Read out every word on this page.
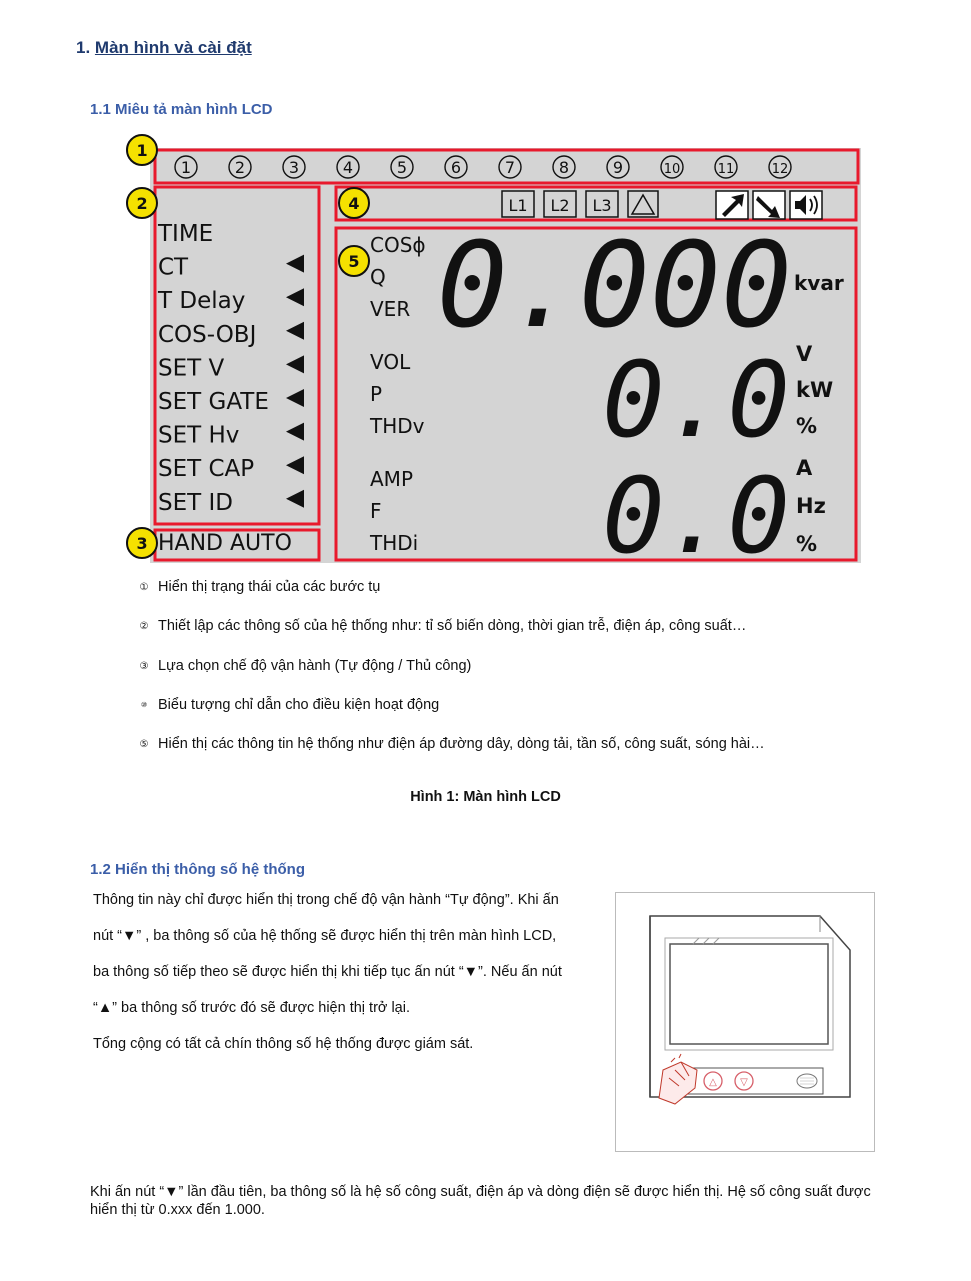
1. Màn hình và cài đặt
1.1 Miêu tả màn hình LCD
1	2	3	4	5	6	7	8	9	10	11	12
TIME
CT
T Delay
COS-OBJ
SET V
SET GATE
SET Hv
SET CAP
SET ID
HAND AUTO
L1 L2 L3
COSϕ
Q
VER 0.000 kvar
VOL
P
THDv 0.0 V
kW
%
AMP
F
THDi 0.0 A
Hz
%
1
2
3
4
5
① Hiển thị trạng thái của các bước tụ
② Thiết lập các thông số của hệ thống như: tỉ số biến dòng, thời gian trễ, điện áp, công suất…
③ Lựa chọn chế độ vận hành (Tự động / Thủ công)
⑩ Biểu tượng chỉ dẫn cho điều kiện hoạt động
⑤ Hiển thị các thông tin hệ thống như điện áp đường dây, dòng tải, tần số, công suất, sóng hài…
Hình 1: Màn hình LCD
1.2 Hiển thị thông số hệ thống
Thông tin này chỉ được hiển thị trong chế độ vận hành “Tự động”. Khi ấn
nút “▼” , ba thông số của hệ thống sẽ được hiển thị trên màn hình LCD,
ba thông số tiếp theo sẽ được hiển thị khi tiếp tục ấn nút “▼”. Nếu ấn nút
“▲” ba thông số trước đó sẽ được hiện thị trở lại.
Tổng cộng có tất cả chín thông số hệ thống được giám sát.
△ ▽
Khi ấn nút “▼” lần đầu tiên, ba thông số là hệ số công suất, điện áp và dòng điện sẽ được hiển thị. Hệ số công suất được hiển thị từ 0.xxx đến 1.000.
